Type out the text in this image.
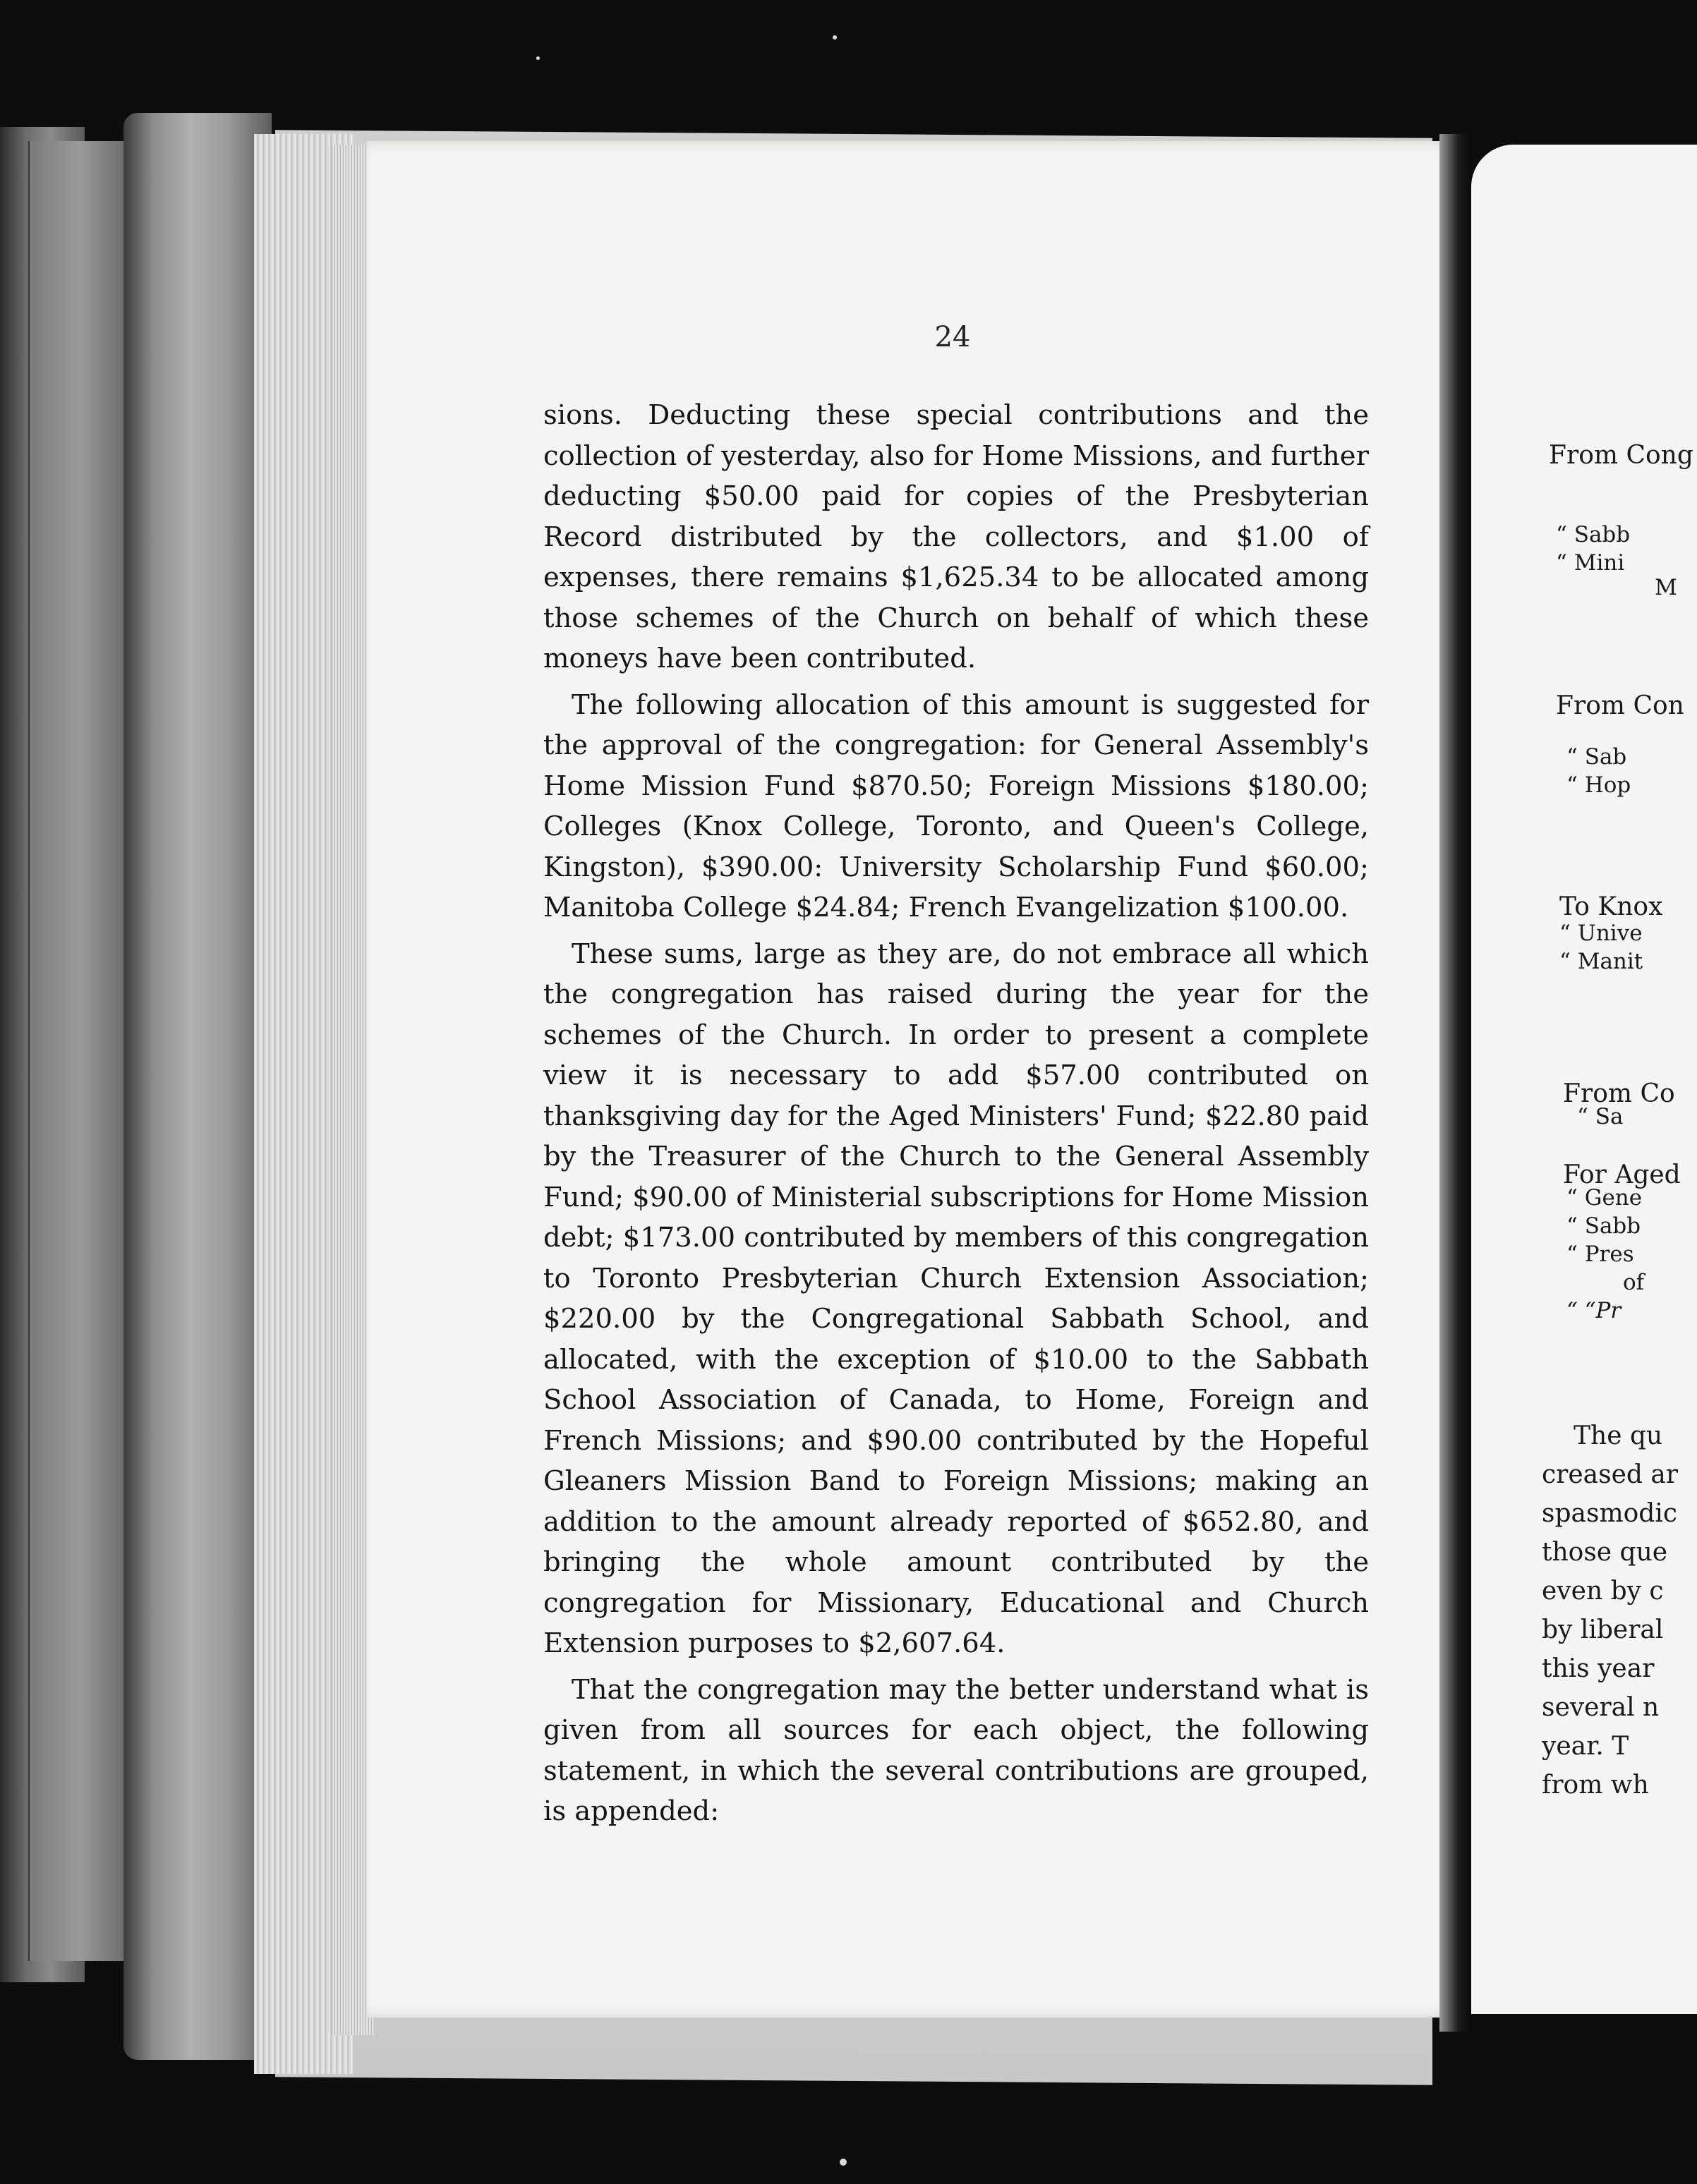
24

sions. Deducting these special contributions and the collection of yesterday, also for Home Missions, and further deducting $50.00 paid for copies of the Presbyterian Record distributed by the collectors, and $1.00 of expenses, there remains $1,625.34 to be allocated among those schemes of the Church on behalf of which these moneys have been contributed.

The following allocation of this amount is suggested for the approval of the congregation: for General Assembly's Home Mission Fund $870.50; Foreign Missions $180.00; Colleges (Knox College, Toronto, and Queen's College, Kingston), $390.00: University Scholarship Fund $60.00; Manitoba College $24.84; French Evangelization $100.00.

These sums, large as they are, do not embrace all which the congregation has raised during the year for the schemes of the Church. In order to present a complete view it is necessary to add $57.00 contributed on thanksgiving day for the Aged Ministers' Fund; $22.80 paid by the Treasurer of the Church to the General Assembly Fund; $90.00 of Ministerial subscriptions for Home Mission debt; $173.00 contributed by members of this congregation to Toronto Presbyterian Church Extension Association; $220.00 by the Congregational Sabbath School, and allocated, with the exception of $10.00 to the Sabbath School Association of Canada, to Home, Foreign and French Missions; and $90.00 contributed by the Hopeful Gleaners Mission Band to Foreign Missions; making an addition to the amount already reported of $652.80, and bringing the whole amount contributed by the congregation for Missionary, Educational and Church Extension purposes to $2,607.64.

That the congregation may the better understand what is given from all sources for each object, the following statement, in which the several contributions are grouped, is appended:

From Cong
“ Sabb
“ Mini
M
From Con
“ Sab
“ Hop
To Knox
“ Unive
“ Manit
From Co
“ Sa
For Aged
“ Gene
“ Sabb
“ Pres
of
“ “Pr
The qu
creased ar
spasmodic
those que
even by c
by liberal
this year
several n
year. T
from wh
